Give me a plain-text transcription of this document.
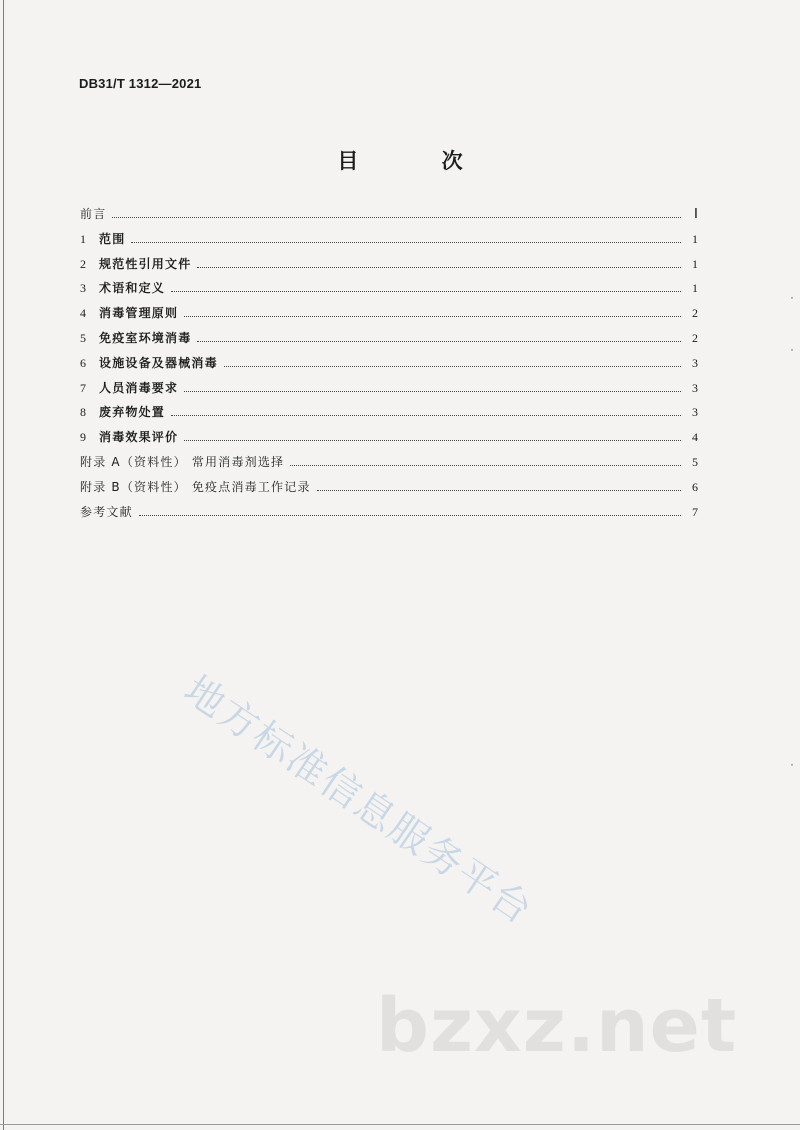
DB31/T 1312—2021
目 次
前言	Ⅰ
1	范围	1
2	规范性引用文件	1
3	术语和定义	1
4	消毒管理原则	2
5	免疫室环境消毒	2
6	设施设备及器械消毒	3
7	人员消毒要求	3
8	废弃物处置	3
9	消毒效果评价	4
附录 A（资料性） 常用消毒剂选择	5
附录 B（资料性） 免疫点消毒工作记录	6
参考文献	7
地方标准信息服务平台
bzxz.net
·
·
·
